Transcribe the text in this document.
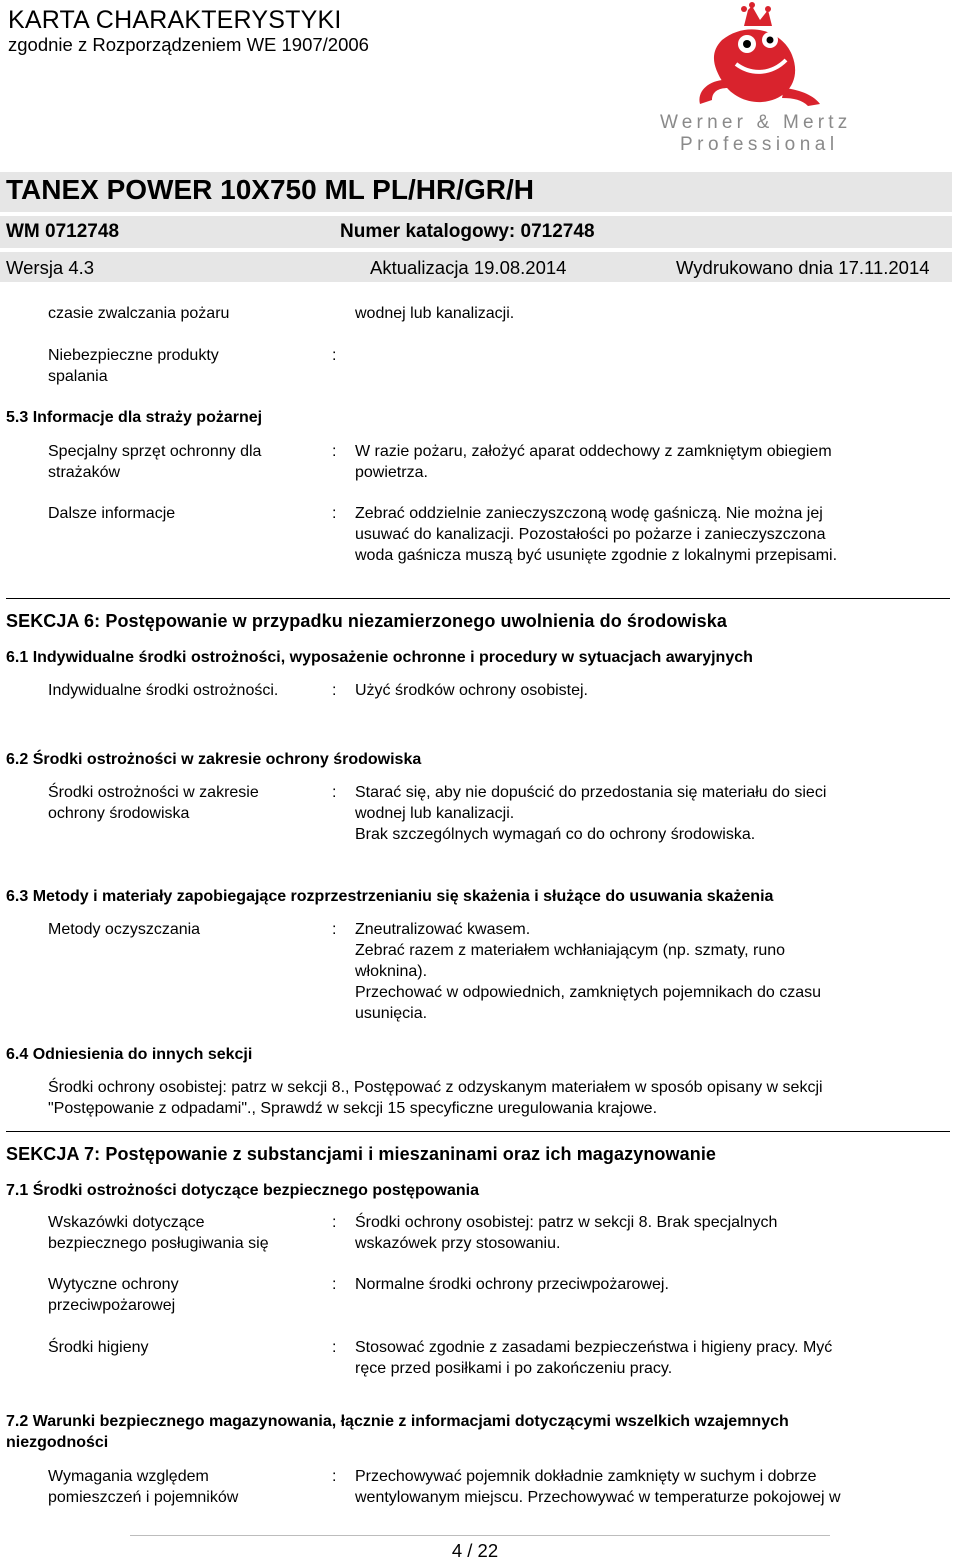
KARTA CHARAKTERYSTYKI
zgodnie z Rozporządzeniem WE 1907/2006
Werner & Mertz
Professional
TANEX POWER 10X750 ML PL/HR/GR/H
WM 0712748	Numer katalogowy: 0712748
Wersja 4.3	Aktualizacja 19.08.2014	Wydrukowano dnia 17.11.2014
czasie zwalczania pożaru	wodnej lub kanalizacji.

Niebezpieczne produkty

spalania

:
5.3 Informacje dla straży pożarnej

Specjalny sprzęt ochronny dla

strażaków

: W razie pożaru, założyć aparat oddechowy z zamkniętym obiegiem

powietrza.

Dalsze informacje	: Zebrać oddzielnie zanieczyszczoną wodę gaśniczą. Nie można jej

usuwać do kanalizacji. Pozostałości po pożarze i zanieczyszczona

woda gaśnicza muszą być usunięte zgodnie z lokalnymi przepisami.

SEKCJA 6: Postępowanie w przypadku niezamierzonego uwolnienia do środowiska
6.1 Indywidualne środki ostrożności, wyposażenie ochronne i procedury w sytuacjach awaryjnych
Indywidualne środki ostrożności.	: Użyć środków ochrony osobistej.
6.2 Środki ostrożności w zakresie ochrony środowiska

Środki ostrożności w zakresie

ochrony środowiska

: Starać się, aby nie dopuścić do przedostania się materiału do sieci

wodnej lub kanalizacji.

Brak szczególnych wymagań co do ochrony środowiska.

6.3 Metody i materiały zapobiegające rozprzestrzenianiu się skażenia i służące do usuwania skażenia
Metody oczyszczania	: Zneutralizować kwasem.

Zebrać razem z materiałem wchłaniającym (np. szmaty, runo

włoknina).

Przechować w odpowiednich, zamkniętych pojemnikach do czasu

usunięcia.

6.4 Odniesienia do innych sekcji

Środki ochrony osobistej: patrz w sekcji 8., Postępować z odzyskanym materiałem w sposób opisany w sekcji

"Postępowanie z odpadami"., Sprawdź w sekcji 15 specyficzne uregulowania krajowe.

SEKCJA 7: Postępowanie z substancjami i mieszaninami oraz ich magazynowanie
7.1 Środki ostrożności dotyczące bezpiecznego postępowania

Wskazówki dotyczące

bezpiecznego posługiwania się

: Środki ochrony osobistej: patrz w sekcji 8. Brak specjalnych

wskazówek przy stosowaniu.

Wytyczne ochrony

przeciwpożarowej

: Normalne środki ochrony przeciwpożarowej.
Środki higieny	: Stosować zgodnie z zasadami bezpieczeństwa i higieny pracy. Myć

ręce przed posiłkami i po zakończeniu pracy.

7.2 Warunki bezpiecznego magazynowania, łącznie z informacjami dotyczącymi wszelkich wzajemnych
niezgodności

Wymagania względem

pomieszczeń i pojemników

: Przechowywać pojemnik dokładnie zamknięty w suchym i dobrze

wentylowanym miejscu. Przechowywać w temperaturze pokojowej w

4 / 22
